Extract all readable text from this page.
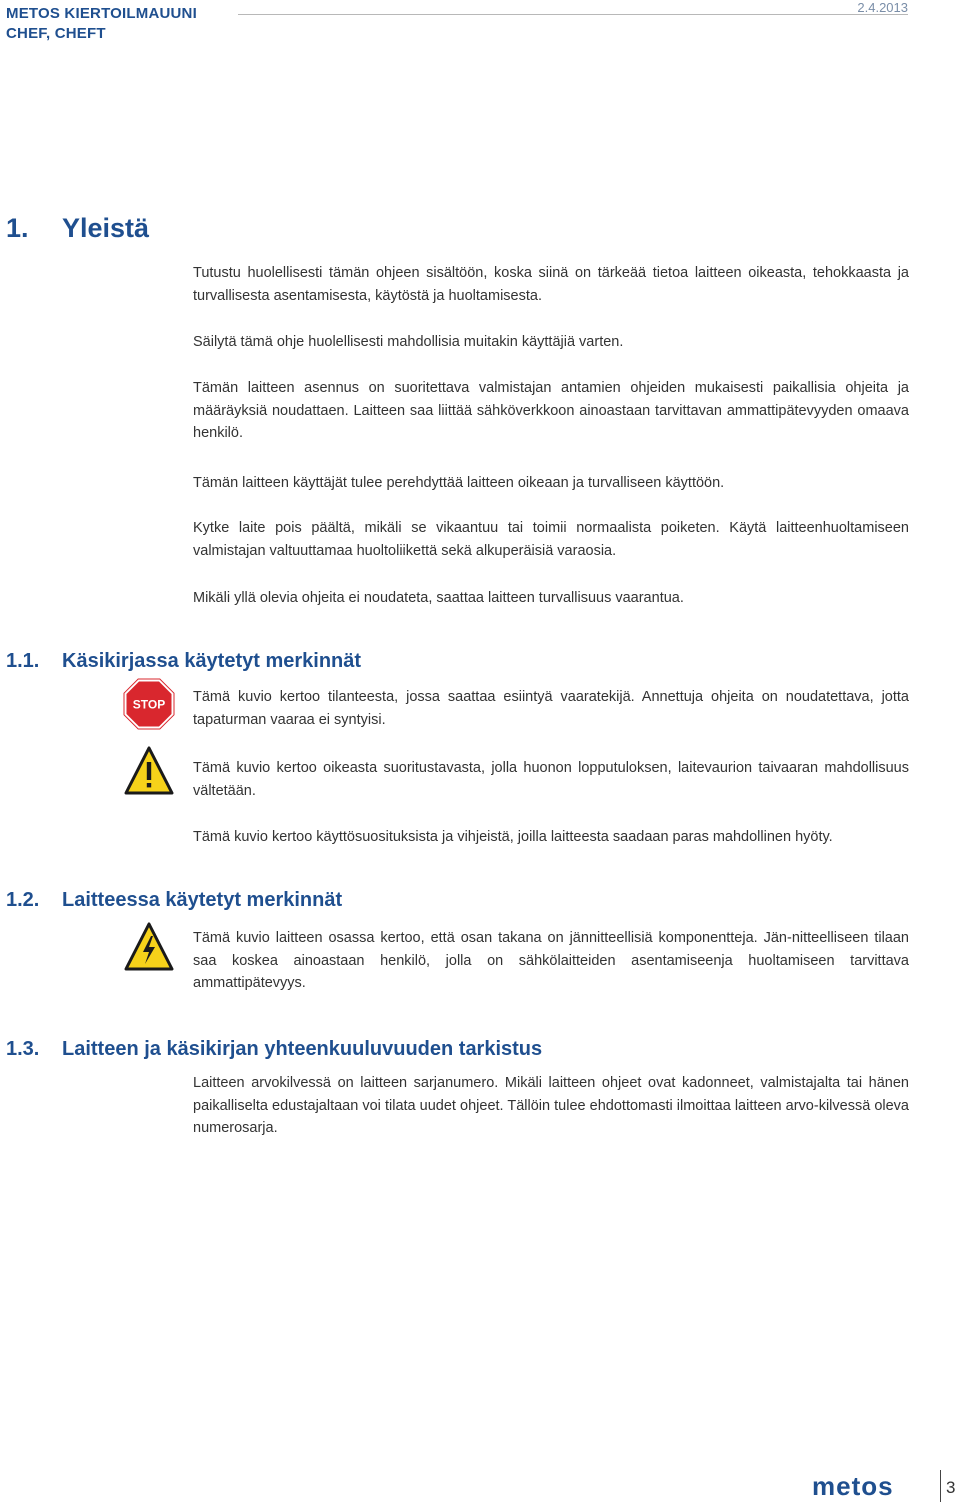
METOS KIERTOILMAUUNI
CHEF, CHEFT
2.4.2013
1. Yleistä
Tutustu huolellisesti tämän ohjeen sisältöön, koska siinä on tärkeää tietoa laitteen oikeasta, tehokkaasta ja turvallisesta asentamisesta, käytöstä ja huoltamisesta.
Säilytä tämä ohje huolellisesti mahdollisia muitakin käyttäjiä varten.
Tämän laitteen asennus on suoritettava valmistajan antamien ohjeiden mukaisesti paikallisia ohjeita ja määräyksiä noudattaen. Laitteen saa liittää sähköverkkoon ainoastaan tarvittavan ammattipätevyyden omaava henkilö.
Tämän laitteen käyttäjät tulee perehdyttää laitteen oikeaan ja turvalliseen käyttöön.
Kytke laite pois päältä, mikäli se vikaantuu tai toimii normaalista poiketen. Käytä laitteenhuoltamiseen valmistajan valtuuttamaa huoltoliikettä sekä alkuperäisiä varaosia.
Mikäli yllä olevia ohjeita ei noudateta, saattaa laitteen turvallisuus vaarantua.
1.1. Käsikirjassa käytetyt merkinnät
STOP Tämä kuvio kertoo tilanteesta, jossa saattaa esiintyä vaaratekijä. Annettuja ohjeita on noudatettava, jotta tapaturman vaaraa ei syntyisi.
Tämä kuvio kertoo oikeasta suoritustavasta, jolla huonon lopputuloksen, laitevaurion taivaaran mahdollisuus vältetään.
Tämä kuvio kertoo käyttösuosituksista ja vihjeistä, joilla laitteesta saadaan paras mahdollinen hyöty.
1.2. Laitteessa käytetyt merkinnät
Tämä kuvio laitteen osassa kertoo, että osan takana on jännitteellisiä komponentteja. Jän-nitteelliseen tilaan saa koskea ainoastaan henkilö, jolla on sähkölaitteiden asentamiseenja huoltamiseen tarvittava ammattipätevyys.
1.3. Laitteen ja käsikirjan yhteenkuuluvuuden tarkistus
Laitteen arvokilvessä on laitteen sarjanumero. Mikäli laitteen ohjeet ovat kadonneet, valmistajalta tai hänen paikalliselta edustajaltaan voi tilata uudet ohjeet. Tällöin tulee ehdottomasti ilmoittaa laitteen arvo-kilvessä oleva numerosarja.
metos	3
